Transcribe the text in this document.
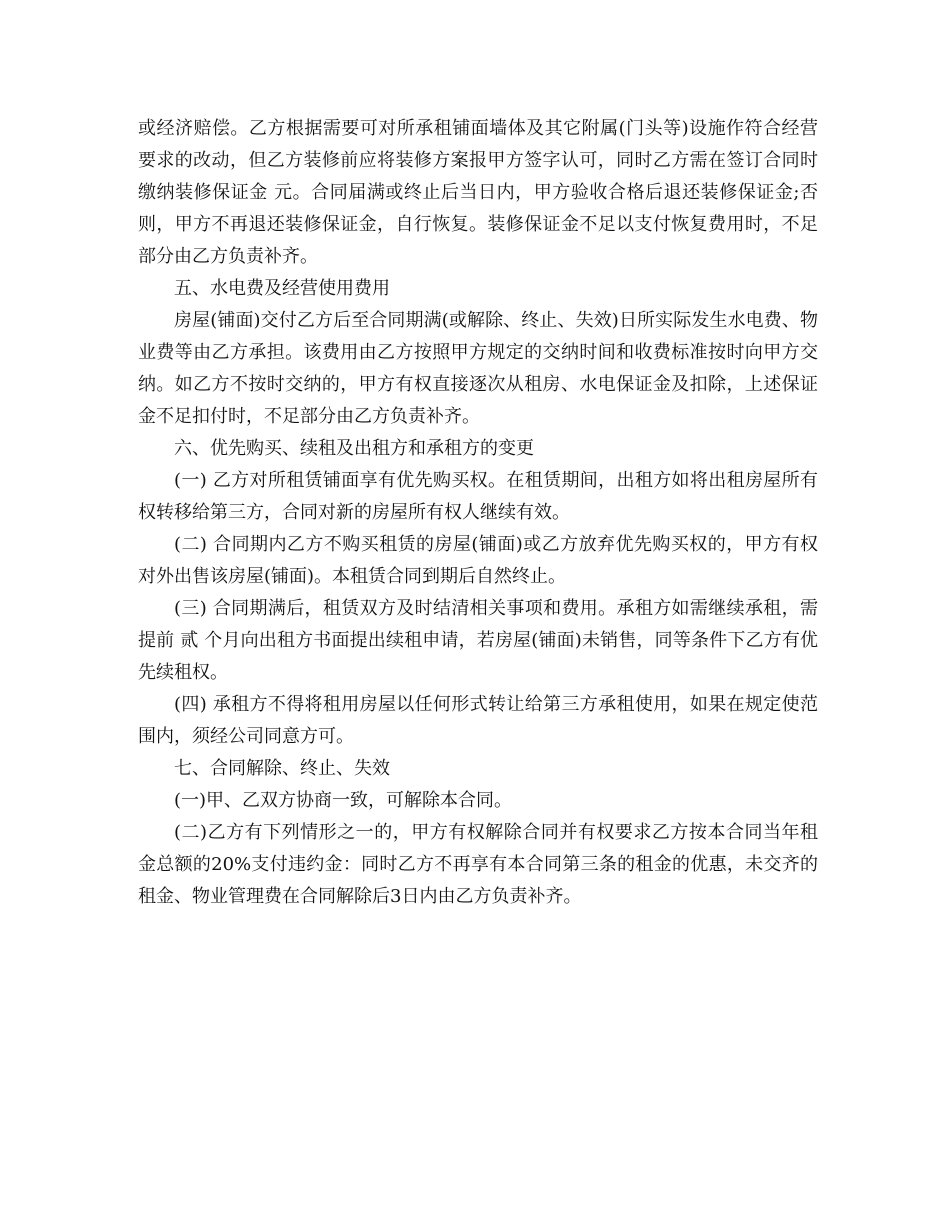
或经济赔偿。乙方根据需要可对所承租铺面墙体及其它附属(门头等)设施作符合经营要求的改动，但乙方装修前应将装修方案报甲方签字认可，同时乙方需在签订合同时缴纳装修保证金 元。合同届满或终止后当日内，甲方验收合格后退还装修保证金;否则，甲方不再退还装修保证金，自行恢复。装修保证金不足以支付恢复费用时，不足部分由乙方负责补齐。

五、水电费及经营使用费用

房屋(铺面)交付乙方后至合同期满(或解除、终止、失效)日所实际发生水电费、物业费等由乙方承担。该费用由乙方按照甲方规定的交纳时间和收费标准按时向甲方交纳。如乙方不按时交纳的，甲方有权直接逐次从租房、水电保证金及扣除，上述保证金不足扣付时，不足部分由乙方负责补齐。

六、优先购买、续租及出租方和承租方的变更

(一) 乙方对所租赁铺面享有优先购买权。在租赁期间，出租方如将出租房屋所有权转移给第三方，合同对新的房屋所有权人继续有效。

(二) 合同期内乙方不购买租赁的房屋(铺面)或乙方放弃优先购买权的，甲方有权对外出售该房屋(铺面)。本租赁合同到期后自然终止。

(三) 合同期满后，租赁双方及时结清相关事项和费用。承租方如需继续承租，需提前 贰 个月向出租方书面提出续租申请，若房屋(铺面)未销售，同等条件下乙方有优先续租权。

(四) 承租方不得将租用房屋以任何形式转让给第三方承租使用，如果在规定使范围内，须经公司同意方可。

七、合同解除、终止、失效

(一)甲、乙双方协商一致，可解除本合同。

(二)乙方有下列情形之一的，甲方有权解除合同并有权要求乙方按本合同当年租金总额的20%支付违约金：同时乙方不再享有本合同第三条的租金的优惠，未交齐的租金、物业管理费在合同解除后3日内由乙方负责补齐。
